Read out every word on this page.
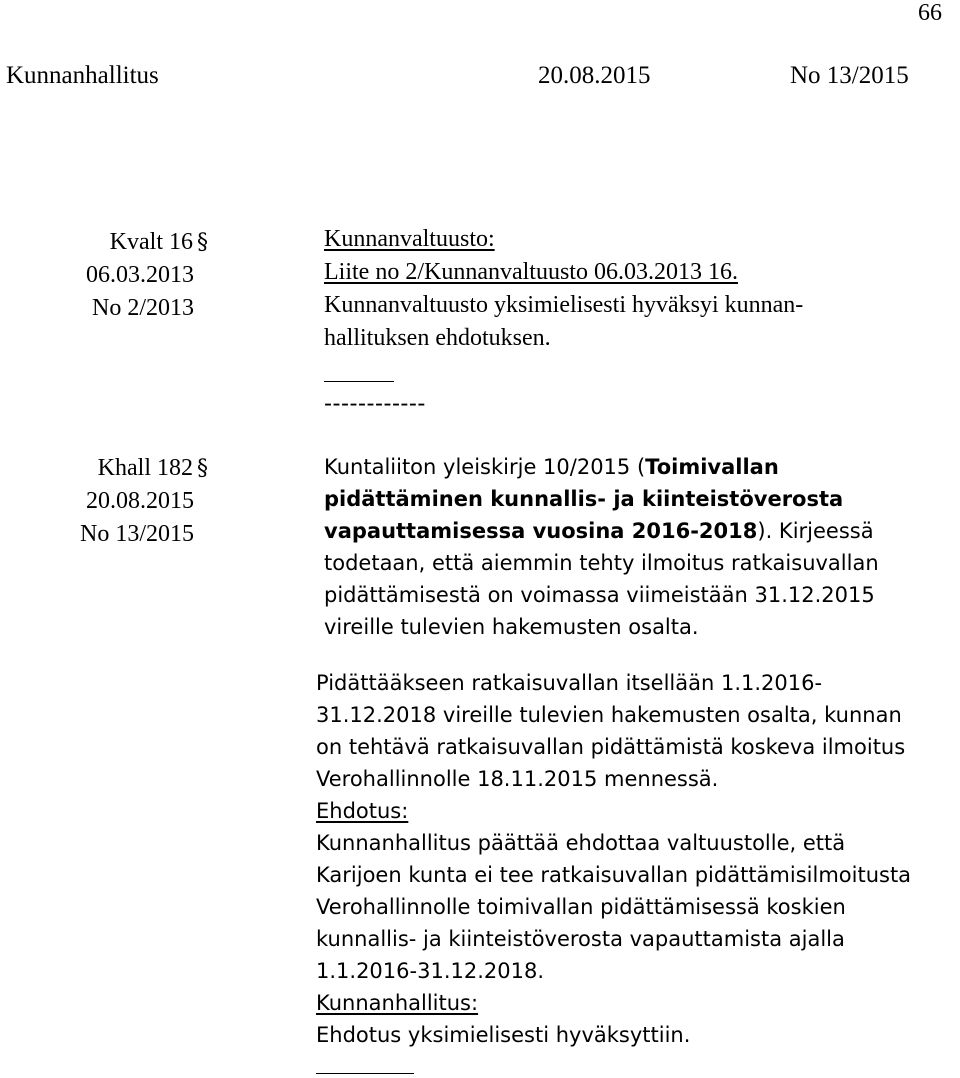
66
Kunnanhallitus	20.08.2015	No 13/2015
Kvalt 16 §
06.03.2013
No 2/2013
Kunnanvaltuusto:
Liite no 2/Kunnanvaltuusto 06.03.2013 16.
Kunnanvaltuusto yksimielisesti hyväksyi kunnan-
hallituksen ehdotuksen.
------------
Khall 182 §
20.08.2015
No 13/2015
Kuntaliiton yleiskirje 10/2015 (Toimivallan
pidättäminen kunnallis- ja kiinteistöverosta
vapauttamisessa vuosina 2016-2018). Kirjeessä
todetaan, että aiemmin tehty ilmoitus ratkaisuvallan
pidättämisestä on voimassa viimeistään 31.12.2015
vireille tulevien hakemusten osalta.
Pidättääkseen ratkaisuvallan itsellään 1.1.2016-
31.12.2018 vireille tulevien hakemusten osalta, kunnan
on tehtävä ratkaisuvallan pidättämistä koskeva ilmoitus
Verohallinnolle 18.11.2015 mennessä.
Ehdotus:
Kunnanhallitus päättää ehdottaa valtuustolle, että
Karijoen kunta ei tee ratkaisuvallan pidättämisilmoitusta
Verohallinnolle toimivallan pidättämisessä koskien
kunnallis- ja kiinteistöverosta vapauttamista ajalla
1.1.2016-31.12.2018.
Kunnanhallitus:
Ehdotus yksimielisesti hyväksyttiin.
